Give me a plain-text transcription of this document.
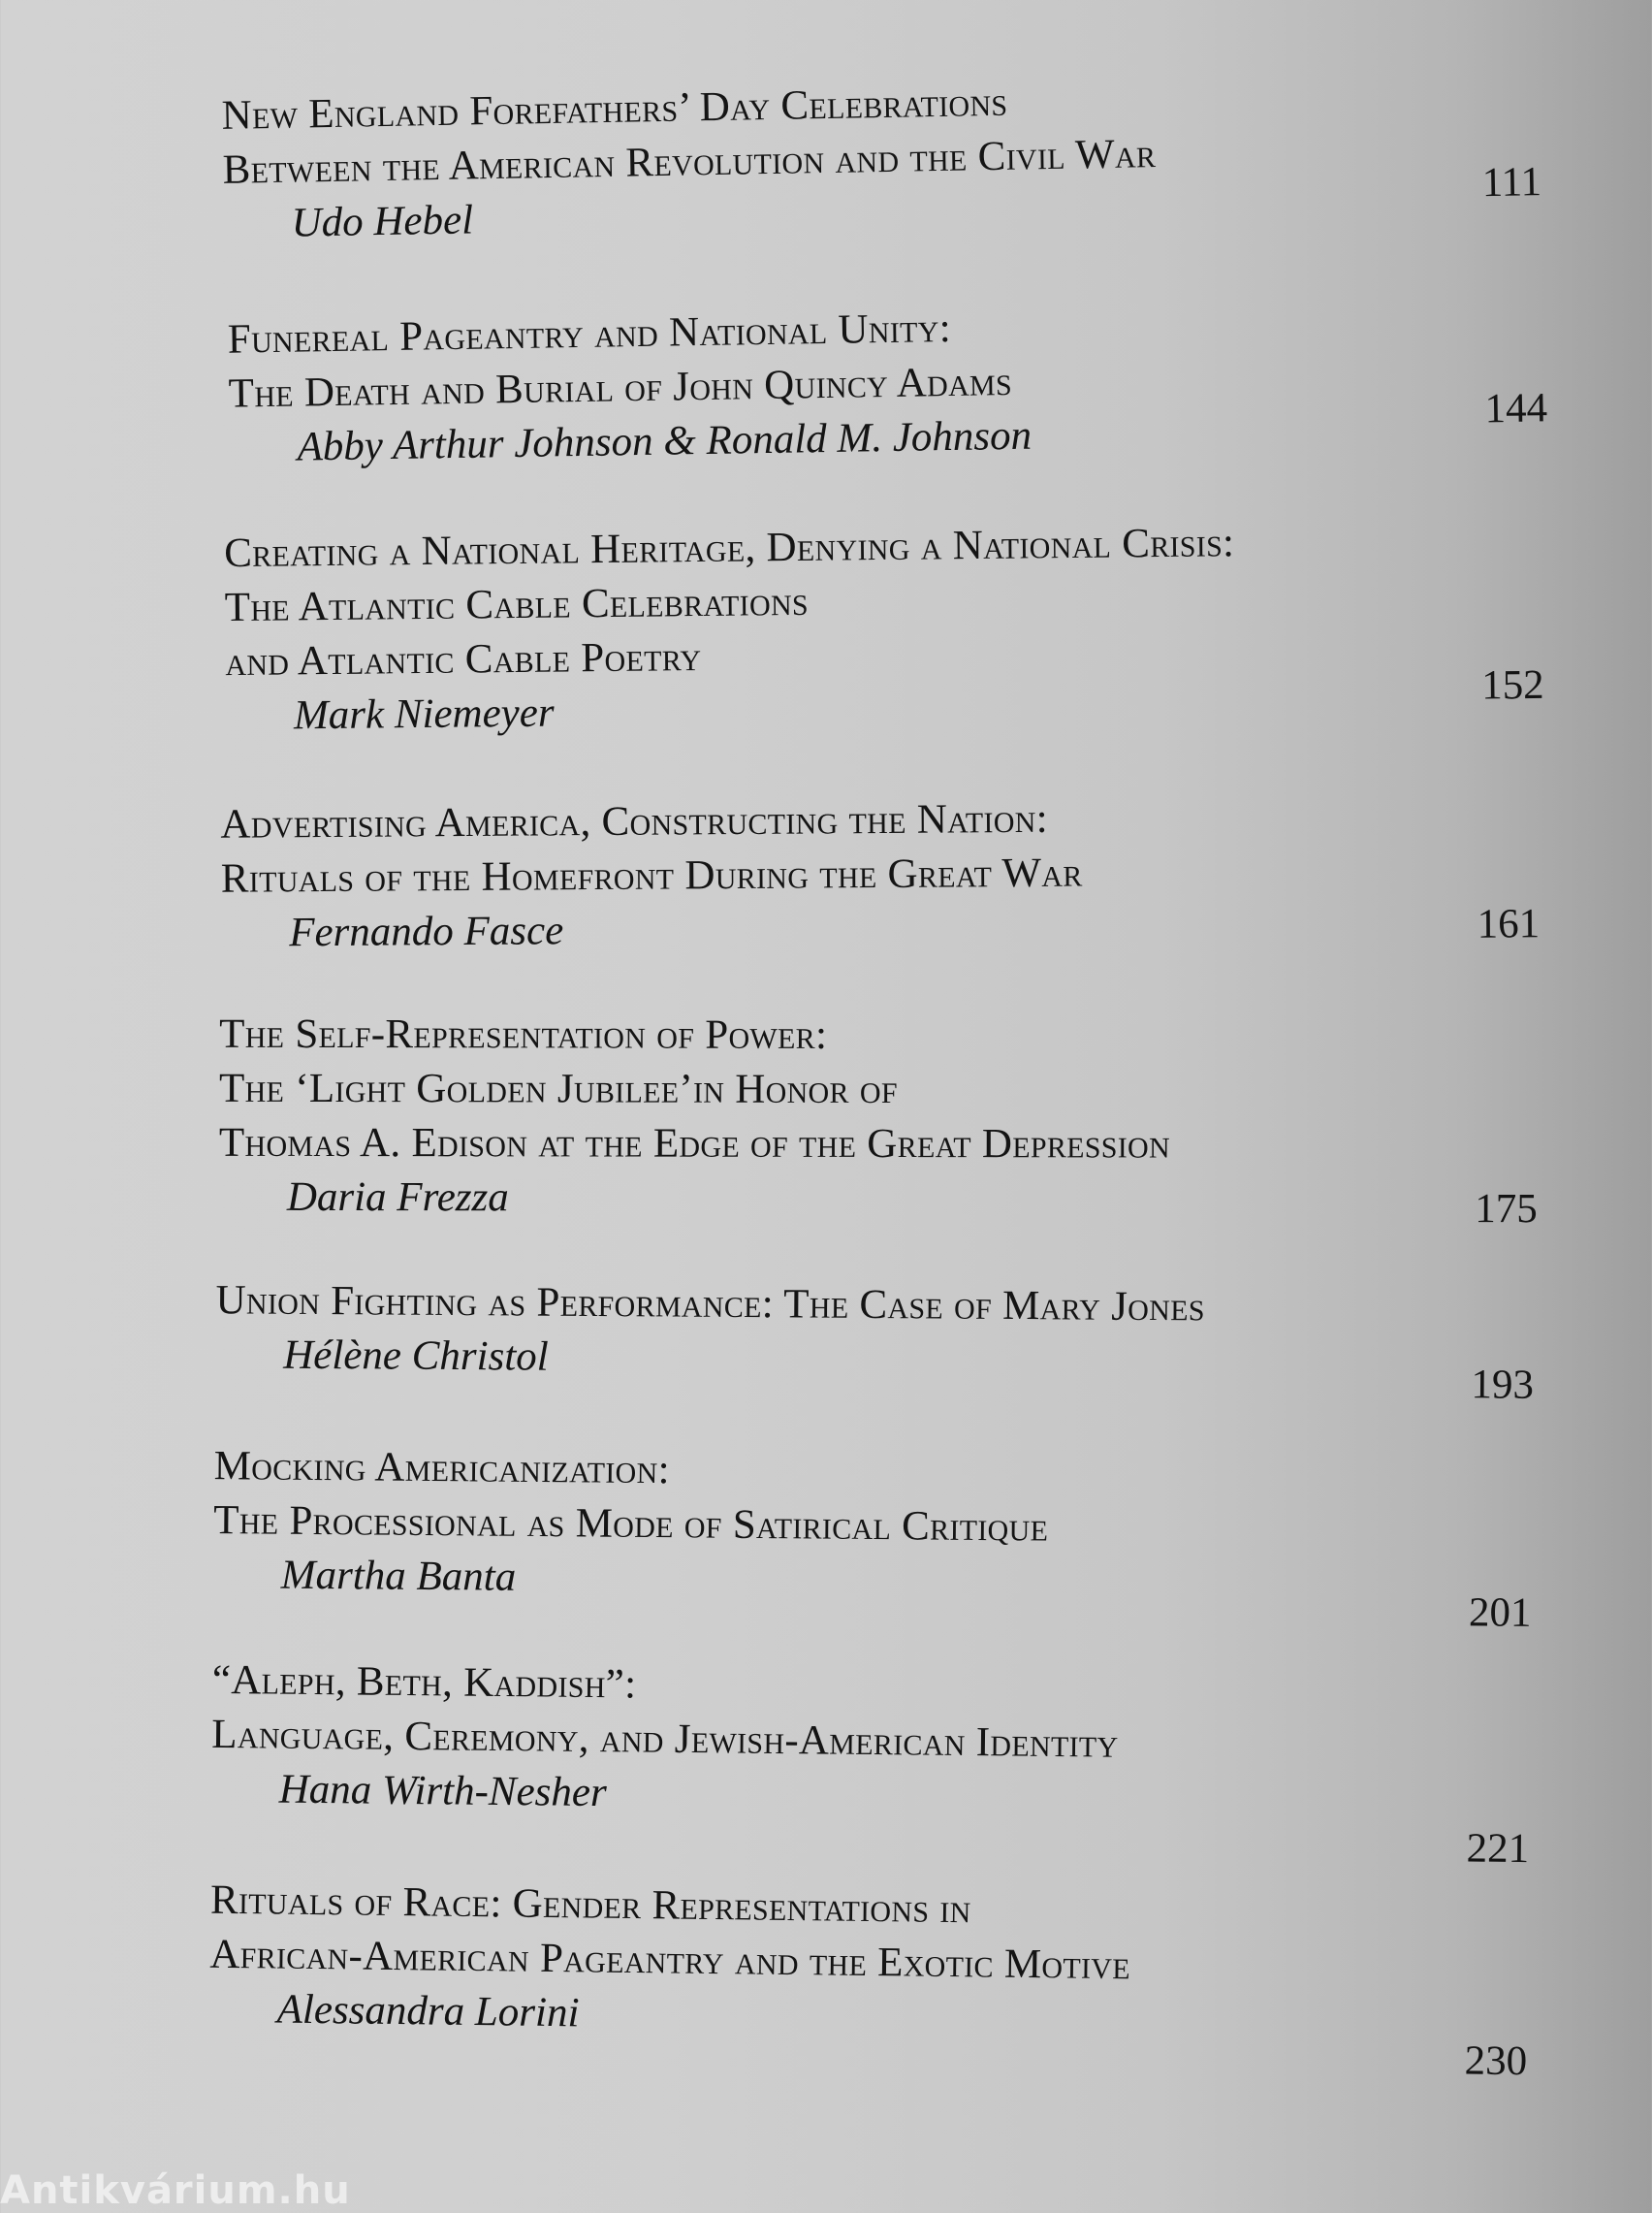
New England Forefathers’ Day Celebrations
Between the American Revolution and the Civil War
Udo Hebel
111
Funereal Pageantry and National Unity:
The Death and Burial of John Quincy Adams
Abby Arthur Johnson & Ronald M. Johnson
144
Creating a National Heritage, Denying a National Crisis:
The Atlantic Cable Celebrations
and Atlantic Cable Poetry
Mark Niemeyer
152
Advertising America, Constructing the Nation:
Rituals of the Homefront During the Great War
Fernando Fasce	161
The Self-Representation of Power:
The ‘Light Golden Jubilee’in Honor of
Thomas A. Edison at the Edge of the Great Depression
Daria Frezza	175
Union Fighting as Performance: The Case of Mary Jones
Hélène Christol
193
Mocking Americanization:
The Processional as Mode of Satirical Critique
Martha Banta
201
“Aleph, Beth, Kaddish”:
Language, Ceremony, and Jewish-American Identity
Hana Wirth-Nesher
221
Rituals of Race: Gender Representations in
African-American Pageantry and the Exotic Motive
Alessandra Lorini
230
Antikvárium.hu
